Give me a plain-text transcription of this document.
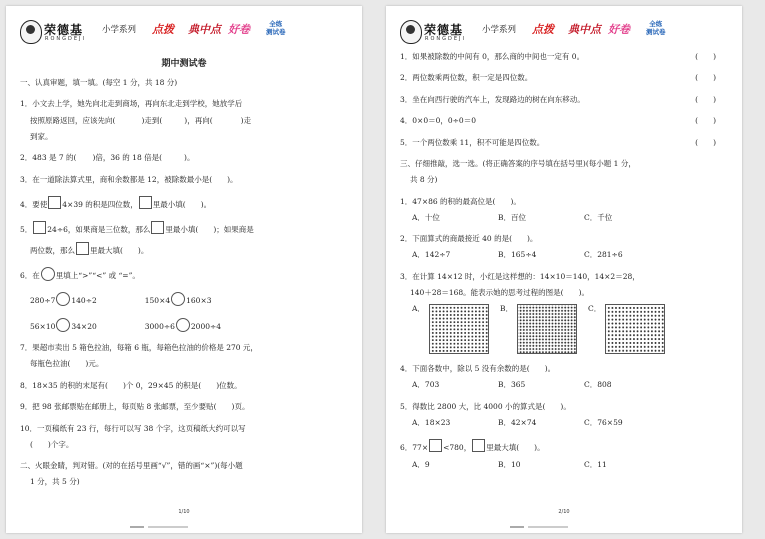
荣德基
RONGDEJI
小学系列 点拨 典中点 好卷	全练
测试卷
期中测试卷
一、认真审题，填一填。(每空 1 分，共 18 分)
1．小文去上学，她先向北走到商场，再向东北走到学校，她放学后
按照原路返回，应该先向(	)走到(	)，再向(	)走
到家。
2．483 是 7 的( )倍，36 的 18 倍是(	)。
3．在一道除法算式里，商和余数都是 12，被除数最小是(　　)。
4．要使 4×39 的积是四位数， 里最小填(　　)。
5． 24÷6，如果商是三位数，那么 里最小填(　　)；如果商是
两位数，那么 里最大填(　　)。
6．在 里填上“>”“<” 或 “=”。
280÷7 140÷2	150×4 160×3
56×10 34×20	3000÷6 2000÷4
7．果超市卖出 5 箱色拉油，每箱 6 瓶，每箱色拉油的价格是 270 元，
每瓶色拉油(　　)元。
8．18×35 的积的末尾有(　　)个 0，29×45 的积是(　　)位数。
9．把 98 张邮票贴在邮册上，每页贴 8 张邮票，至少要贴(　　)页。
10．一页稿纸有 23 行，每行可以写 38 个字，这页稿纸大约可以写
(　　)个字。
二、火眼金睛，判对错。(对的在括号里画“√”，错的画“×”)(每小题
1 分，共 5 分)
1/10
荣德基
RONGDEJI
小学系列 点拨 典中点 好卷	全练
测试卷
1．如果被除数的中间有 0，那么商的中间也一定有 0。	(　　)
2．两位数乘两位数，积一定是四位数。	(　　)
3．坐在向西行驶的汽车上，发现路边的树在向东移动。	(　　)
4．0×0＝0，0÷0＝0	(　　)
5．一个两位数乘 11，积不可能是四位数。	(　　)
三、仔细推敲，选一选。(将正确答案的序号填在括号里)(每小题 1 分，
共 8 分)
1．47×86 的积的最高位是(　　)。
A．十位	B．百位	C．千位
2．下面算式的商最接近 40 的是(　　)。
A．142÷7	B．165÷4	C．281÷6
3．在计算 14×12 时，小红是这样想的：14×10＝140，14×2＝28，
140＋28＝168。能表示她的思考过程的图是(　　)。
A．	B．	C．
4．下面各数中，除以 5 没有余数的是(　　)。
A．703	B．365	C．808
5．得数比 2800 大，比 4000 小的算式是(　　)。
A．18×23	B．42×74	C．76×59
6．77× <780， 里最大填(　　)。
A．9	B．10	C．11
2/10
